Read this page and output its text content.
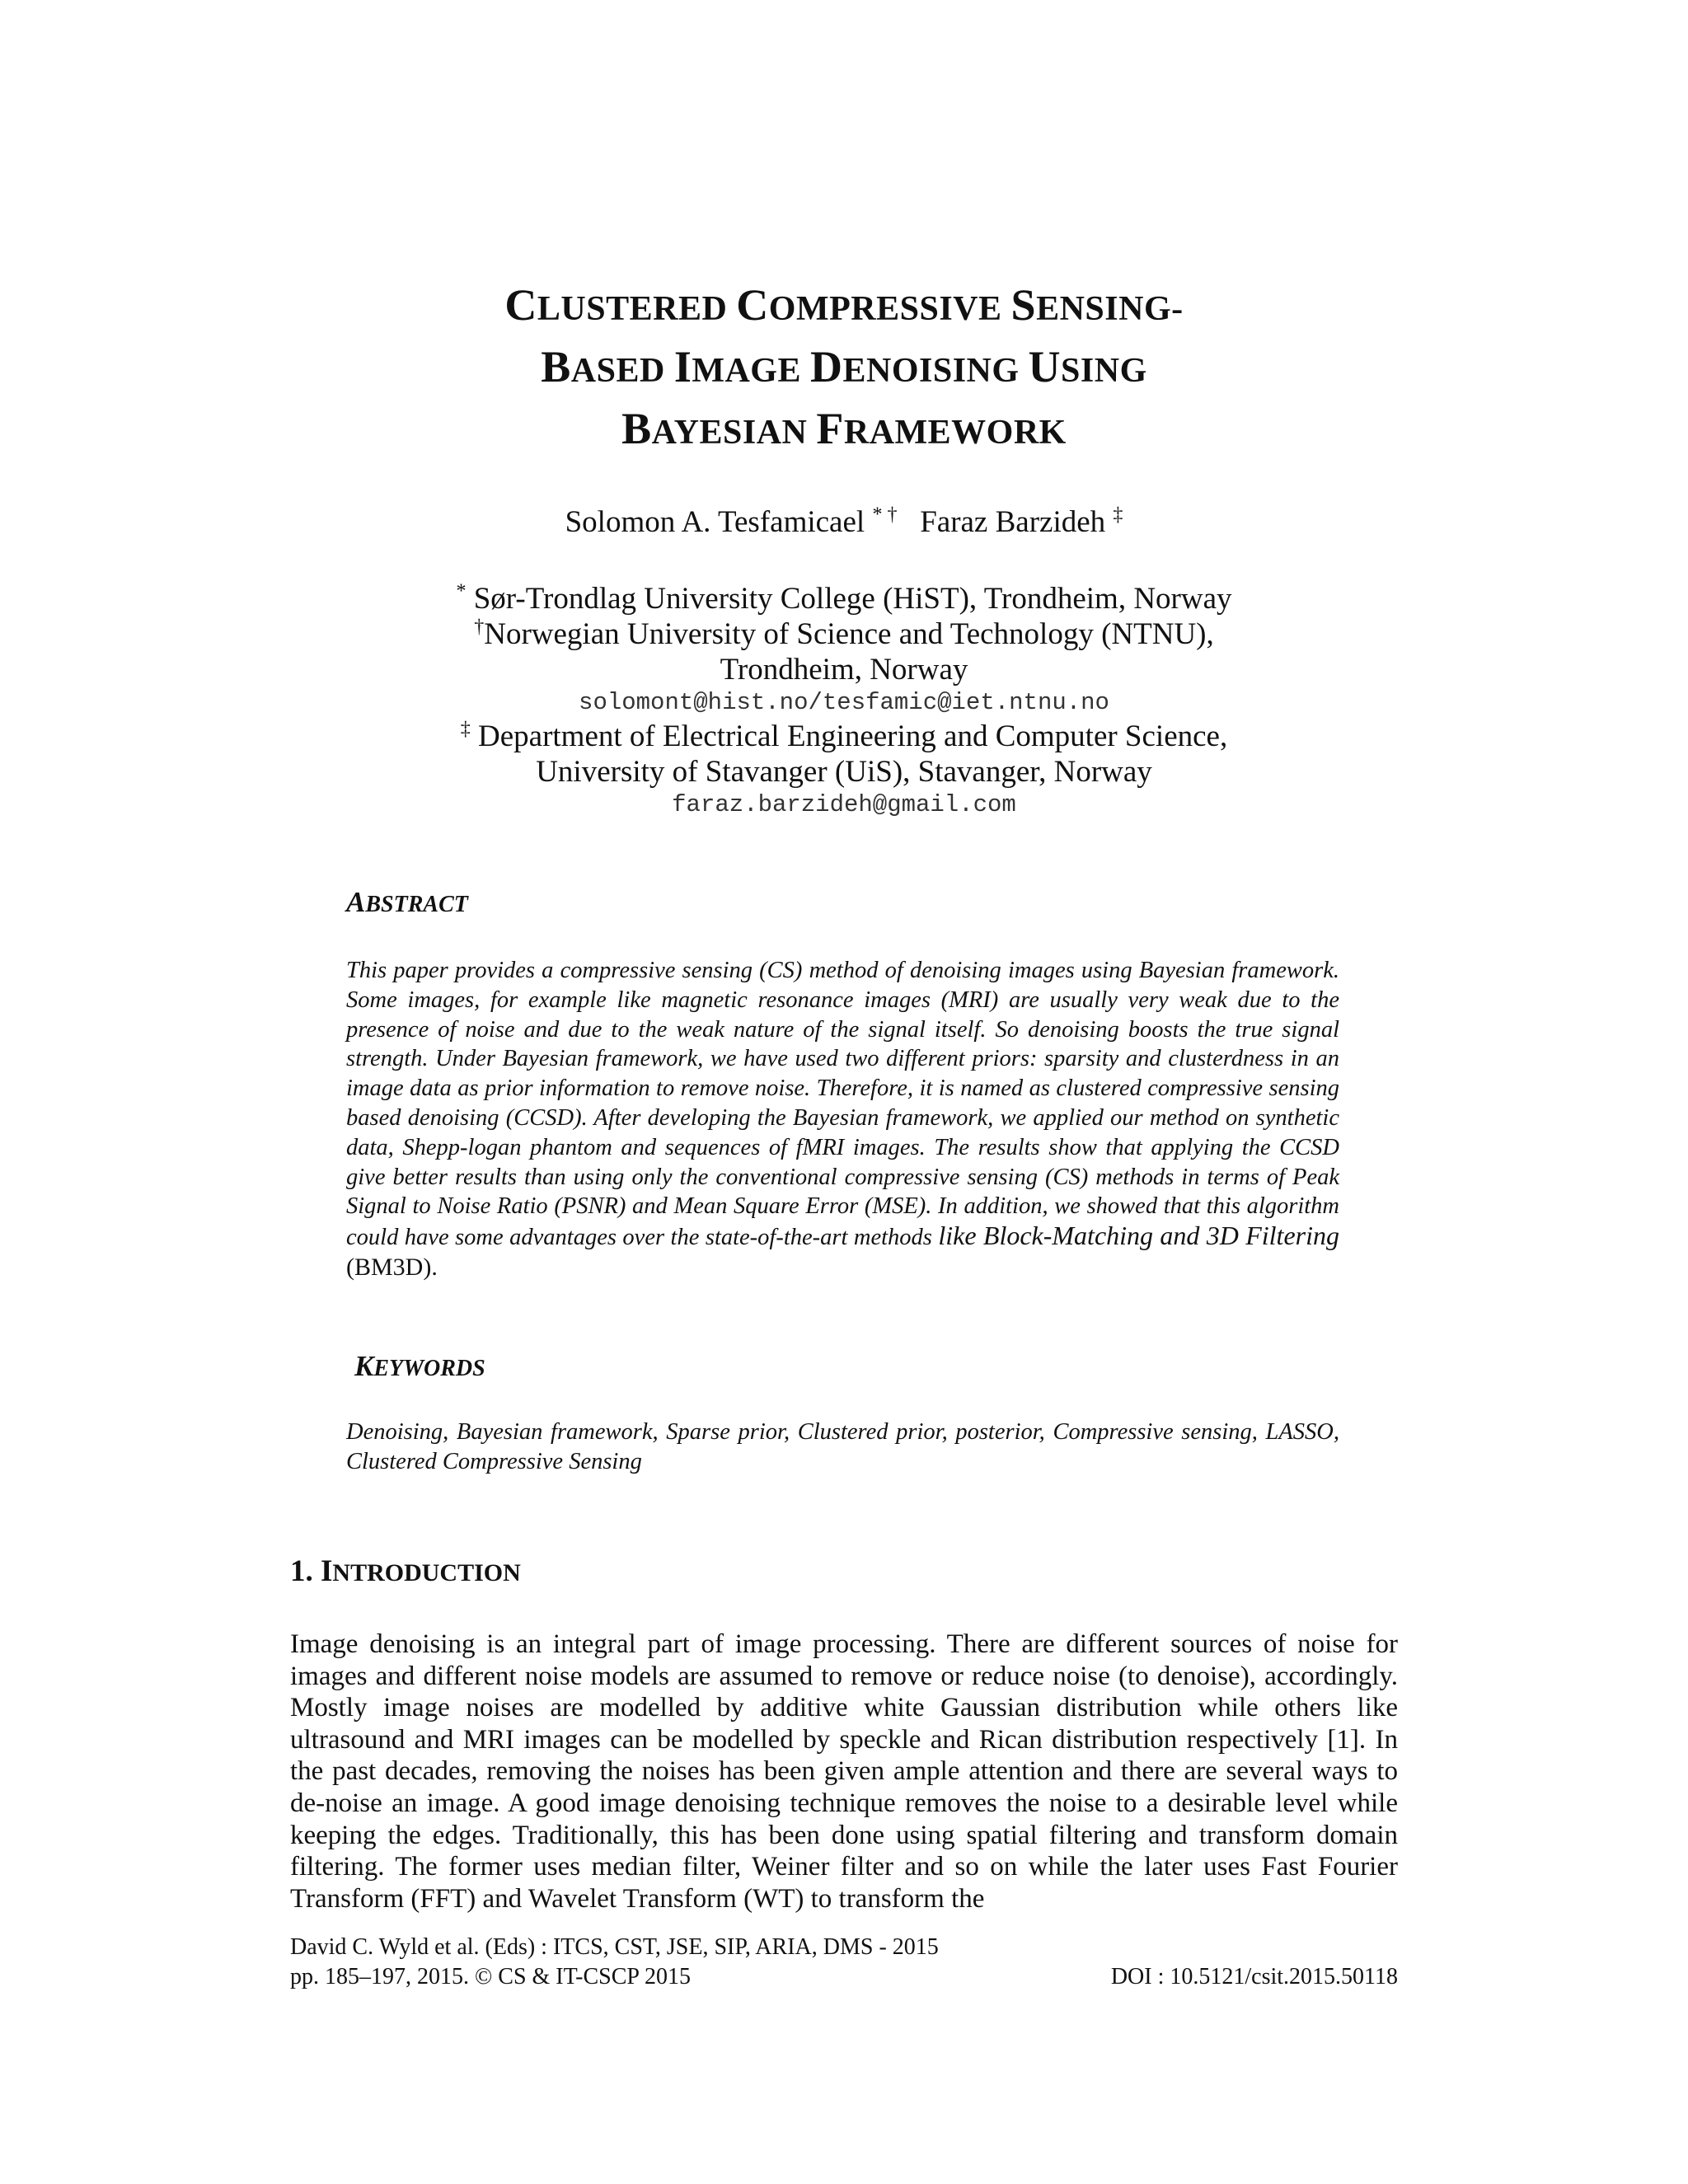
CLUSTERED COMPRESSIVE SENSING-
BASED IMAGE DENOISING USING
BAYESIAN FRAMEWORK
Solomon A. Tesfamicael * † Faraz Barzideh ‡
* Sør-Trondlag University College (HiST), Trondheim, Norway
†Norwegian University of Science and Technology (NTNU),
Trondheim, Norway
solomont@hist.no/tesfamic@iet.ntnu.no
‡ Department of Electrical Engineering and Computer Science,
University of Stavanger (UiS), Stavanger, Norway
faraz.barzideh@gmail.com
ABSTRACT
This paper provides a compressive sensing (CS) method of denoising images using Bayesian framework. Some images, for example like magnetic resonance images (MRI) are usually very weak due to the presence of noise and due to the weak nature of the signal itself. So denoising boosts the true signal strength. Under Bayesian framework, we have used two different priors: sparsity and clusterdness in an image data as prior information to remove noise. Therefore, it is named as clustered compressive sensing based denoising (CCSD). After developing the Bayesian framework, we applied our method on synthetic data, Shepp-logan phantom and sequences of fMRI images. The results show that applying the CCSD give better results than using only the conventional compressive sensing (CS) methods in terms of Peak Signal to Noise Ratio (PSNR) and Mean Square Error (MSE). In addition, we showed that this algorithm could have some advantages over the state-of-the-art methods like Block-Matching and 3D Filtering (BM3D).
KEYWORDS
Denoising, Bayesian framework, Sparse prior, Clustered prior, posterior, Compressive sensing, LASSO, Clustered Compressive Sensing
1. INTRODUCTION
Image denoising is an integral part of image processing. There are different sources of noise for images and different noise models are assumed to remove or reduce noise (to denoise), accordingly. Mostly image noises are modelled by additive white Gaussian distribution while others like ultrasound and MRI images can be modelled by speckle and Rican distribution respectively [1]. In the past decades, removing the noises has been given ample attention and there are several ways to de-noise an image. A good image denoising technique removes the noise to a desirable level while keeping the edges. Traditionally, this has been done using spatial filtering and transform domain filtering. The former uses median filter, Weiner filter and so on while the later uses Fast Fourier Transform (FFT) and Wavelet Transform (WT) to transform the
David C. Wyld et al. (Eds) : ITCS, CST, JSE, SIP, ARIA, DMS - 2015
pp. 185–197, 2015. © CS & IT-CSCP 2015	DOI : 10.5121/csit.2015.50118
